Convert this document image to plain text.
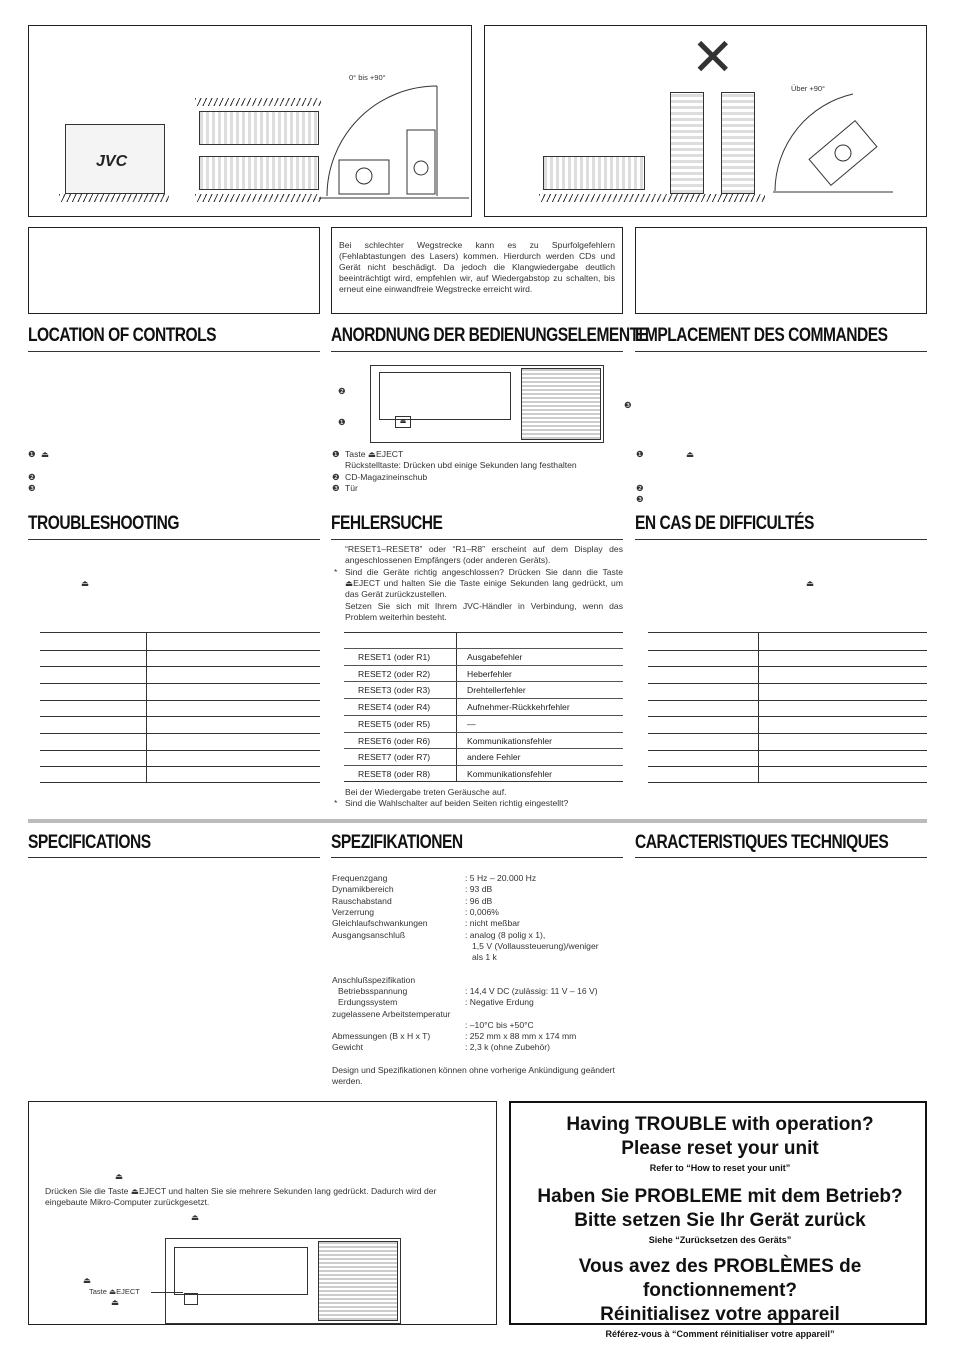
JVC
0° bis +90°	✕
Über +90°
Bei schlechter Wegstrecke kann es zu Spurfolgefehlern (Fehlabtastungen des Lasers) kommen. Hierdurch werden CDs und Gerät nicht beschädigt. Da jedoch die Klangwiedergabe deutlich beeinträchtigt wird, empfehlen wir, auf Wiedergabstop zu schalten, bis erneut eine einwandfreie Wegstrecke erreicht wird.
LOCATION OF CONTROLS	ANORDNUNG DER BEDIENUNGSELEMENTE
EMPLACEMENT DES COMMANDES
⏏
❷
❶
❸
❶ ⏏
❷
❸
❶ Taste ⏏EJECT
Rückstelltaste: Drücken ubd einige Sekunden lang festhalten
❷ CD-Magazineinschub
❸ Tür
❶	⏏
❷
❸
TROUBLESHOOTING	FEHLERSUCHE	EN CAS DE DIFFICULTÉS
⏏
“RESET1–RESET8” oder “R1–R8” erscheint auf dem Display des angeschlossenen Empfängers (oder anderen Geräts).
* Sind die Geräte richtig angeschlossen? Drücken Sie dann die Taste ⏏EJECT und halten Sie die Taste einige Sekunden lang gedrückt, um das Gerät zurückzustellen.
Setzen Sie sich mit Ihrem JVC-Händler in Verbindung, wenn das Problem weiterhin besteht.
RESET1 (oder R1)	Ausgabefehler
RESET2 (oder R2)	Heberfehler
RESET3 (oder R3)	Drehtellerfehler
RESET4 (oder R4)	Aufnehmer-Rückkehrfehler
RESET5 (oder R5)	—
RESET6 (oder R6)	Kommunikationsfehler
RESET7 (oder R7)	andere Fehler
RESET8 (oder R8)	Kommunikationsfehler
Bei der Wiedergabe treten Geräusche auf.
* Sind die Wahlschalter auf beiden Seiten richtig eingestellt?
⏏
SPECIFICATIONS	SPEZIFIKATIONEN	CARACTERISTIQUES TECHNIQUES
Frequenzgang	: 5 Hz – 20.000 Hz
Dynamikbereich	: 93 dB
Rauschabstand	: 96 dB
Verzerrung	: 0,006%
Gleichlaufschwankungen	: nicht meßbar
Ausgangsanschluß	: analog (8 polig x 1),
1,5 V (Vollaussteuerung)/weniger
als 1 k
Anschlußspezifikation
Betriebsspannung	: 14,4 V DC (zulässig: 11 V – 16 V)
Erdungssystem	: Negative Erdung
zugelassene Arbeitstemperatur
: –10°C bis +50°C
Abmessungen (B x H x T)	: 252 mm x 88 mm x 174 mm
Gewicht	: 2,3 k (ohne Zubehör)
Design und Spezifikationen können ohne vorherige Ankündigung geändert werden.
⏏
Drücken Sie die Taste ⏏EJECT und halten Sie sie mehrere Sekunden lang gedrückt. Dadurch wird der eingebaute Mikro-Computer zurückgesetzt.
⏏
⏏
Taste ⏏EJECT
⏏
Having TROUBLE with operation?
Please reset your unit
Refer to “How to reset your unit”
Haben Sie PROBLEME mit dem Betrieb?
Bitte setzen Sie Ihr Gerät zurück
Siehe “Zurücksetzen des Geräts”
Vous avez des PROBLÈMES de fonctionnement?
Réinitialisez votre appareil
Référez-vous à “Comment réinitialiser votre appareil”
